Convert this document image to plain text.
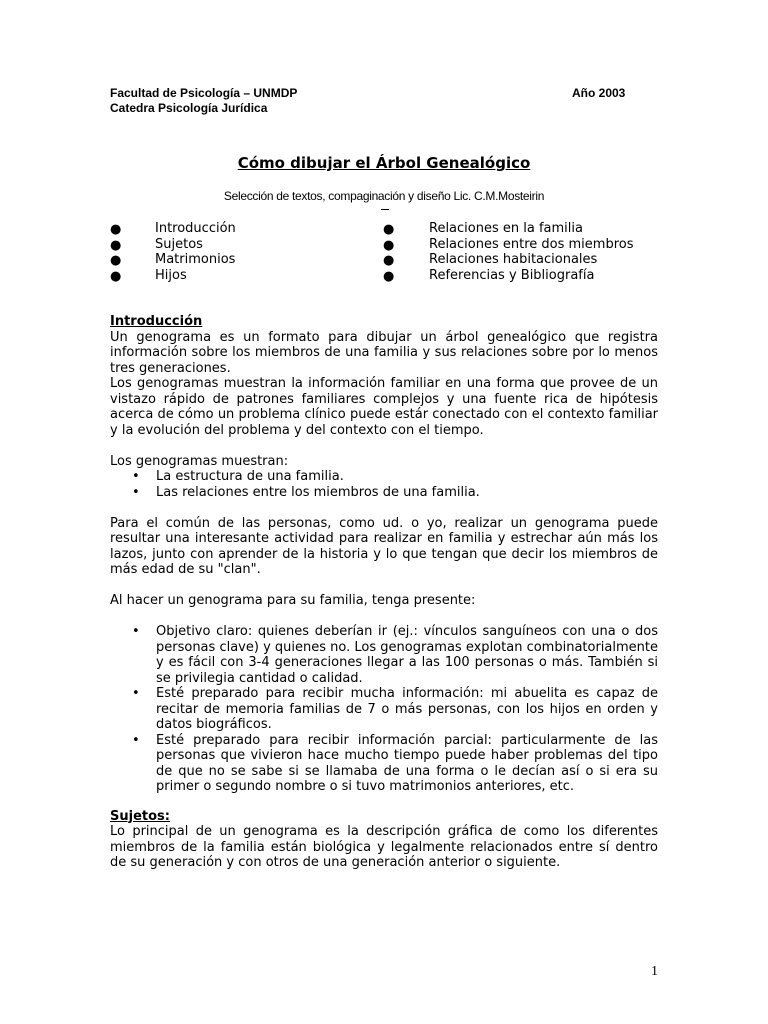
Facultad de Psicología – UNMDP
Catedra Psicología Jurídica
Año 2003
Cómo dibujar el Árbol Genealógico
Selección de textos, compaginación y diseño Lic. C.M.Mosteirin
●	Introducción
●	Sujetos
●	Matrimonios
●	Hijos
●	Relaciones en la familia
●	Relaciones entre dos miembros
●	Relaciones habitacionales
●	Referencias y Bibliografía
Introducción

Un genograma es un formato para dibujar un árbol genealógico que registra información sobre los miembros de una familia y sus relaciones sobre por lo menos tres generaciones.

Los genogramas muestran la información familiar en una forma que provee de un vistazo rápido de patrones familiares complejos y una fuente rica de hipótesis acerca de cómo un problema clínico puede estár conectado con el contexto familiar y la evolución del problema y del contexto con el tiempo.

Los genogramas muestran:

• La estructura de una familia.
• Las relaciones entre los miembros de una familia.

Para el común de las personas, como ud. o yo, realizar un genograma puede resultar una interesante actividad para realizar en familia y estrechar aún más los lazos, junto con aprender de la historia y lo que tengan que decir los miembros de más edad de su "clan".

Al hacer un genograma para su familia, tenga presente:

• Objetivo claro: quienes deberían ir (ej.: vínculos sanguíneos con una o dos personas clave) y quienes no. Los genogramas explotan combinatorialmente y es fácil con 3-4 generaciones llegar a las 100 personas o más. También si se privilegia cantidad o calidad.
• Esté preparado para recibir mucha información: mi abuelita es capaz de recitar de memoria familias de 7 o más personas, con los hijos en orden y datos biográficos.
• Esté preparado para recibir información parcial: particularmente de las personas que vivieron hace mucho tiempo puede haber problemas del tipo de que no se sabe si se llamaba de una forma o le decían así o si era su primer o segundo nombre o si tuvo matrimonios anteriores, etc.
Sujetos:

Lo principal de un genograma es la descripción gráfica de como los diferentes miembros de la familia están biológica y legalmente relacionados entre sí dentro de su generación y con otros de una generación anterior o siguiente.

1
